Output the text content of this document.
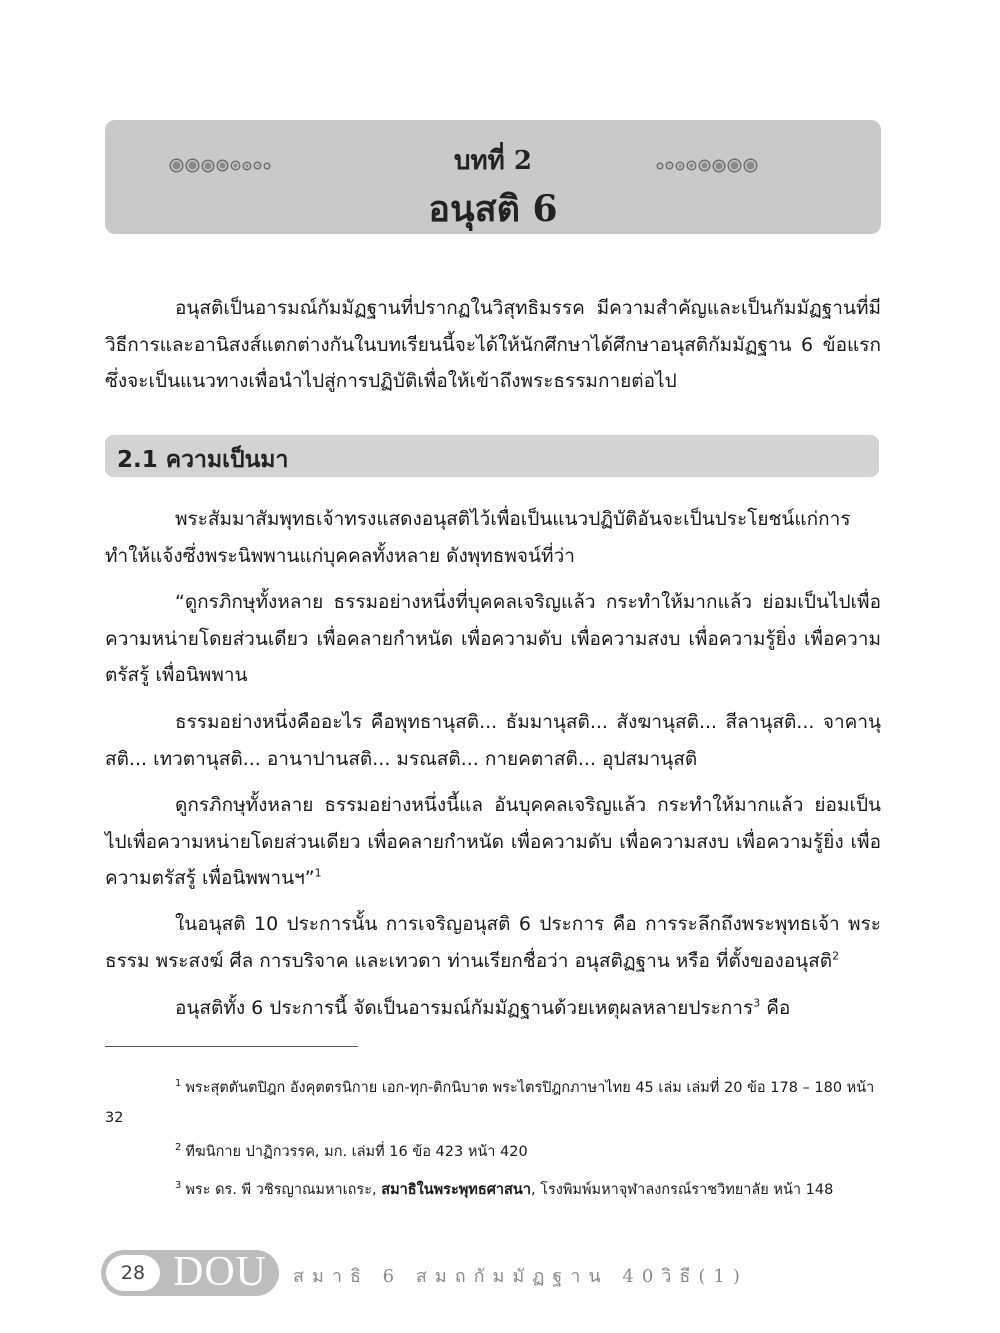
บทที่ 2
อนุสติ 6

อนุสติเป็นอารมณ์กัมมัฏฐานที่ปรากฏในวิสุทธิมรรค มีความสำคัญและเป็นกัมมัฏฐานที่มีวิธีการและอานิสงส์แตกต่างกันในบทเรียนนี้จะได้ให้นักศึกษาได้ศึกษาอนุสติกัมมัฏฐาน 6 ข้อแรก ซึ่งจะเป็นแนวทางเพื่อนำไปสู่การปฏิบัติเพื่อให้เข้าถึงพระธรรมกายต่อไป

2.1 ความเป็นมา

พระสัมมาสัมพุทธเจ้าทรงแสดงอนุสติไว้เพื่อเป็นแนวปฏิบัติอันจะเป็นประโยชน์แก่การทำให้แจ้งซึ่งพระนิพพานแก่บุคคลทั้งหลาย ดังพุทธพจน์ที่ว่า

“ดูกรภิกษุทั้งหลาย ธรรมอย่างหนึ่งที่บุคคลเจริญแล้ว กระทำให้มากแล้ว ย่อมเป็นไปเพื่อความหน่ายโดยส่วนเดียว เพื่อคลายกำหนัด เพื่อความดับ เพื่อความสงบ เพื่อความรู้ยิ่ง เพื่อความตรัสรู้ เพื่อนิพพาน

ธรรมอย่างหนึ่งคืออะไร คือพุทธานุสติ... ธัมมานุสติ... สังฆานุสติ... สีลานุสติ... จาคานุสติ... เทวตานุสติ... อานาปานสติ... มรณสติ... กายคตาสติ... อุปสมานุสติ

ดูกรภิกษุทั้งหลาย ธรรมอย่างหนึ่งนี้แล อันบุคคลเจริญแล้ว กระทำให้มากแล้ว ย่อมเป็นไปเพื่อความหน่ายโดยส่วนเดียว เพื่อคลายกำหนัด เพื่อความดับ เพื่อความสงบ เพื่อความรู้ยิ่ง เพื่อความตรัสรู้ เพื่อนิพพานฯ”$^1$

ในอนุสติ 10 ประการนั้น การเจริญอนุสติ 6 ประการ คือ การระลึกถึงพระพุทธเจ้า พระธรรม พระสงฆ์ ศีล การบริจาค และเทวดา ท่านเรียกชื่อว่า อนุสติฏฐาน หรือ ที่ตั้งของอนุสติ$^2$

อนุสติทั้ง 6 ประการนี้ จัดเป็นอารมณ์กัมมัฏฐานด้วยเหตุผลหลายประการ$^3$ คือ

$^1$ พระสุตตันตปิฎก อังคุตตรนิกาย เอก-ทุก-ติกนิบาต พระไตรปิฎกภาษาไทย 45 เล่ม เล่มที่ 20 ข้อ 178 – 180 หน้า 32

$^2$ ทีฆนิกาย ปาฏิกวรรค, มก. เล่มที่ 16 ข้อ 423 หน้า 420

$^3$ พระ ดร. พี วชิรญาณมหาเถระ, สมาธิในพระพุทธศาสนา, โรงพิมพ์มหาจุฬาลงกรณ์ราชวิทยาลัย หน้า 148

28 DOU สมาธิ 6 สมถกัมมัฏฐาน 40วิธี(1)
